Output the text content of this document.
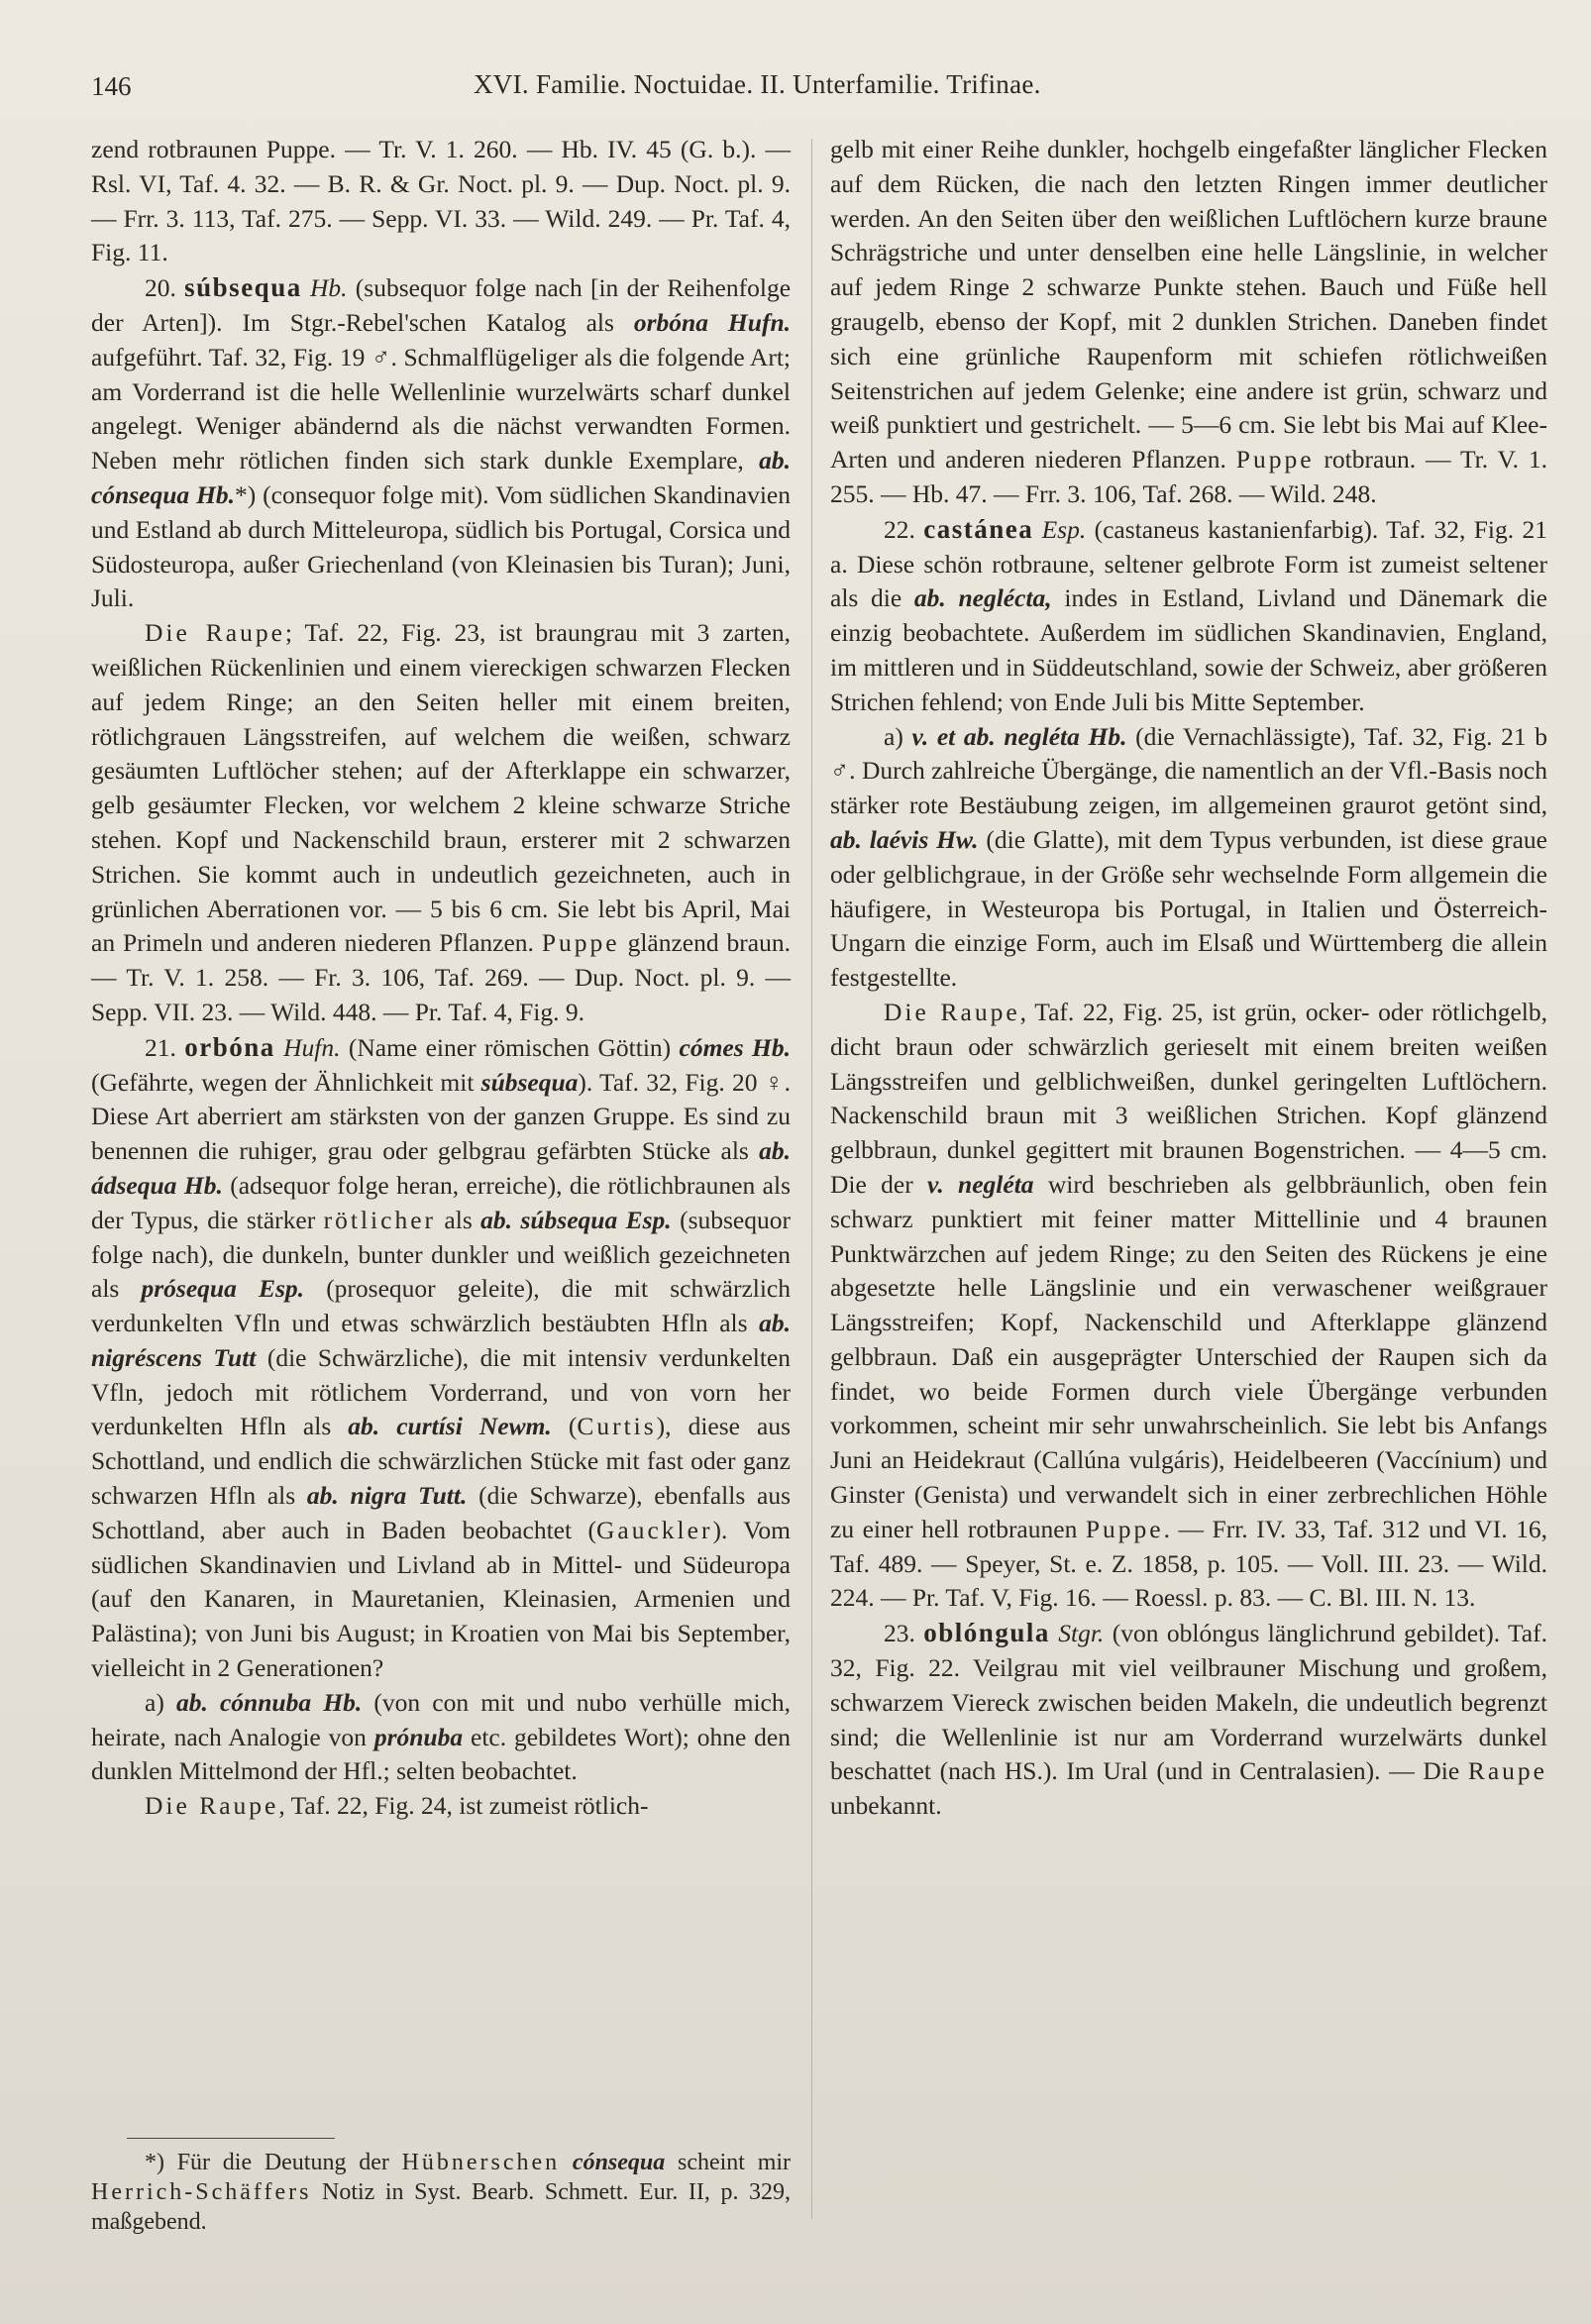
146	XVI. Familie. Noctuidae. II. Unterfamilie. Trifinae.

zend rotbraunen Puppe. — Tr. V. 1. 260. — Hb. IV. 45 (G. b.). — Rsl. VI, Taf. 4. 32. — B. R. & Gr. Noct. pl. 9. — Dup. Noct. pl. 9. — Frr. 3. 113, Taf. 275. — Sepp. VI. 33. — Wild. 249. — Pr. Taf. 4, Fig. 11.

20. súbsequa Hb. (subsequor folge nach [in der Reihenfolge der Arten]). Im Stgr.-Rebel'schen Katalog als orbóna Hufn. aufgeführt. Taf. 32, Fig. 19 ♂. Schmalflügeliger als die folgende Art; am Vorderrand ist die helle Wellenlinie wurzelwärts scharf dunkel angelegt. Weniger abändernd als die nächst verwandten Formen. Neben mehr rötlichen finden sich stark dunkle Exemplare, ab. cónsequa Hb.*) (consequor folge mit). Vom südlichen Skandinavien und Estland ab durch Mitteleuropa, südlich bis Portugal, Corsica und Südosteuropa, außer Griechenland (von Kleinasien bis Turan); Juni, Juli.

Die Raupe; Taf. 22, Fig. 23, ist braungrau mit 3 zarten, weißlichen Rückenlinien und einem viereckigen schwarzen Flecken auf jedem Ringe; an den Seiten heller mit einem breiten, rötlichgrauen Längsstreifen, auf welchem die weißen, schwarz gesäumten Luftlöcher stehen; auf der Afterklappe ein schwarzer, gelb gesäumter Flecken, vor welchem 2 kleine schwarze Striche stehen. Kopf und Nackenschild braun, ersterer mit 2 schwarzen Strichen. Sie kommt auch in undeutlich gezeichneten, auch in grünlichen Aberrationen vor. — 5 bis 6 cm. Sie lebt bis April, Mai an Primeln und anderen niederen Pflanzen. Puppe glänzend braun. — Tr. V. 1. 258. — Fr. 3. 106, Taf. 269. — Dup. Noct. pl. 9. — Sepp. VII. 23. — Wild. 448. — Pr. Taf. 4, Fig. 9.

21. orbóna Hufn. (Name einer römischen Göttin) cómes Hb. (Gefährte, wegen der Ähnlichkeit mit súbsequa). Taf. 32, Fig. 20 ♀. Diese Art aberriert am stärksten von der ganzen Gruppe. Es sind zu benennen die ruhiger, grau oder gelbgrau gefärbten Stücke als ab. ádsequa Hb. (adsequor folge heran, erreiche), die rötlichbraunen als der Typus, die stärker rötlicher als ab. súbsequa Esp. (subsequor folge nach), die dunkeln, bunter dunkler und weißlich gezeichneten als prósequa Esp. (prosequor geleite), die mit schwärzlich verdunkelten Vfln und etwas schwärzlich bestäubten Hfln als ab. nigréscens Tutt (die Schwärzliche), die mit intensiv verdunkelten Vfln, jedoch mit rötlichem Vorderrand, und von vorn her verdunkelten Hfln als ab. curtísi Newm. (Curtis), diese aus Schottland, und endlich die schwärzlichen Stücke mit fast oder ganz schwarzen Hfln als ab. nigra Tutt. (die Schwarze), ebenfalls aus Schottland, aber auch in Baden beobachtet (Gauckler). Vom südlichen Skandinavien und Livland ab in Mittel- und Südeuropa (auf den Kanaren, in Mauretanien, Kleinasien, Armenien und Palästina); von Juni bis August; in Kroatien von Mai bis September, vielleicht in 2 Generationen?

a) ab. cónnuba Hb. (von con mit und nubo verhülle mich, heirate, nach Analogie von prónuba etc. gebildetes Wort); ohne den dunklen Mittelmond der Hfl.; selten beobachtet.

Die Raupe, Taf. 22, Fig. 24, ist zumeist rötlich-

*) Für die Deutung der Hübnerschen cónsequa scheint mir Herrich-Schäffers Notiz in Syst. Bearb. Schmett. Eur. II, p. 329, maßgebend.

gelb mit einer Reihe dunkler, hochgelb eingefaßter länglicher Flecken auf dem Rücken, die nach den letzten Ringen immer deutlicher werden. An den Seiten über den weißlichen Luftlöchern kurze braune Schrägstriche und unter denselben eine helle Längslinie, in welcher auf jedem Ringe 2 schwarze Punkte stehen. Bauch und Füße hell graugelb, ebenso der Kopf, mit 2 dunklen Strichen. Daneben findet sich eine grünliche Raupenform mit schiefen rötlichweißen Seitenstrichen auf jedem Gelenke; eine andere ist grün, schwarz und weiß punktiert und gestrichelt. — 5—6 cm. Sie lebt bis Mai auf Klee-Arten und anderen niederen Pflanzen. Puppe rotbraun. — Tr. V. 1. 255. — Hb. 47. — Frr. 3. 106, Taf. 268. — Wild. 248.

22. castánea Esp. (castaneus kastanienfarbig). Taf. 32, Fig. 21 a. Diese schön rotbraune, seltener gelbrote Form ist zumeist seltener als die ab. neglécta, indes in Estland, Livland und Dänemark die einzig beobachtete. Außerdem im südlichen Skandinavien, England, im mittleren und in Süddeutschland, sowie der Schweiz, aber größeren Strichen fehlend; von Ende Juli bis Mitte September.

a) v. et ab. negléta Hb. (die Vernachlässigte), Taf. 32, Fig. 21 b ♂. Durch zahlreiche Übergänge, die namentlich an der Vfl.-Basis noch stärker rote Bestäubung zeigen, im allgemeinen graurot getönt sind, ab. laévis Hw. (die Glatte), mit dem Typus verbunden, ist diese graue oder gelblichgraue, in der Größe sehr wechselnde Form allgemein die häufigere, in Westeuropa bis Portugal, in Italien und Österreich-Ungarn die einzige Form, auch im Elsaß und Württemberg die allein festgestellte.

Die Raupe, Taf. 22, Fig. 25, ist grün, ocker- oder rötlichgelb, dicht braun oder schwärzlich gerieselt mit einem breiten weißen Längsstreifen und gelblichweißen, dunkel geringelten Luftlöchern. Nackenschild braun mit 3 weißlichen Strichen. Kopf glänzend gelbbraun, dunkel gegittert mit braunen Bogenstrichen. — 4—5 cm. Die der v. negléta wird beschrieben als gelbbräunlich, oben fein schwarz punktiert mit feiner matter Mittellinie und 4 braunen Punktwärzchen auf jedem Ringe; zu den Seiten des Rückens je eine abgesetzte helle Längslinie und ein verwaschener weißgrauer Längsstreifen; Kopf, Nackenschild und Afterklappe glänzend gelbbraun. Daß ein ausgeprägter Unterschied der Raupen sich da findet, wo beide Formen durch viele Übergänge verbunden vorkommen, scheint mir sehr unwahrscheinlich. Sie lebt bis Anfangs Juni an Heidekraut (Callúna vulgáris), Heidelbeeren (Vaccínium) und Ginster (Genista) und verwandelt sich in einer zerbrechlichen Höhle zu einer hell rotbraunen Puppe. — Frr. IV. 33, Taf. 312 und VI. 16, Taf. 489. — Speyer, St. e. Z. 1858, p. 105. — Voll. III. 23. — Wild. 224. — Pr. Taf. V, Fig. 16. — Roessl. p. 83. — C. Bl. III. N. 13.

23. oblóngula Stgr. (von oblóngus länglichrund gebildet). Taf. 32, Fig. 22. Veilgrau mit viel veilbrauner Mischung und großem, schwarzem Viereck zwischen beiden Makeln, die undeutlich begrenzt sind; die Wellenlinie ist nur am Vorderrand wurzelwärts dunkel beschattet (nach HS.). Im Ural (und in Centralasien). — Die Raupe unbekannt.
